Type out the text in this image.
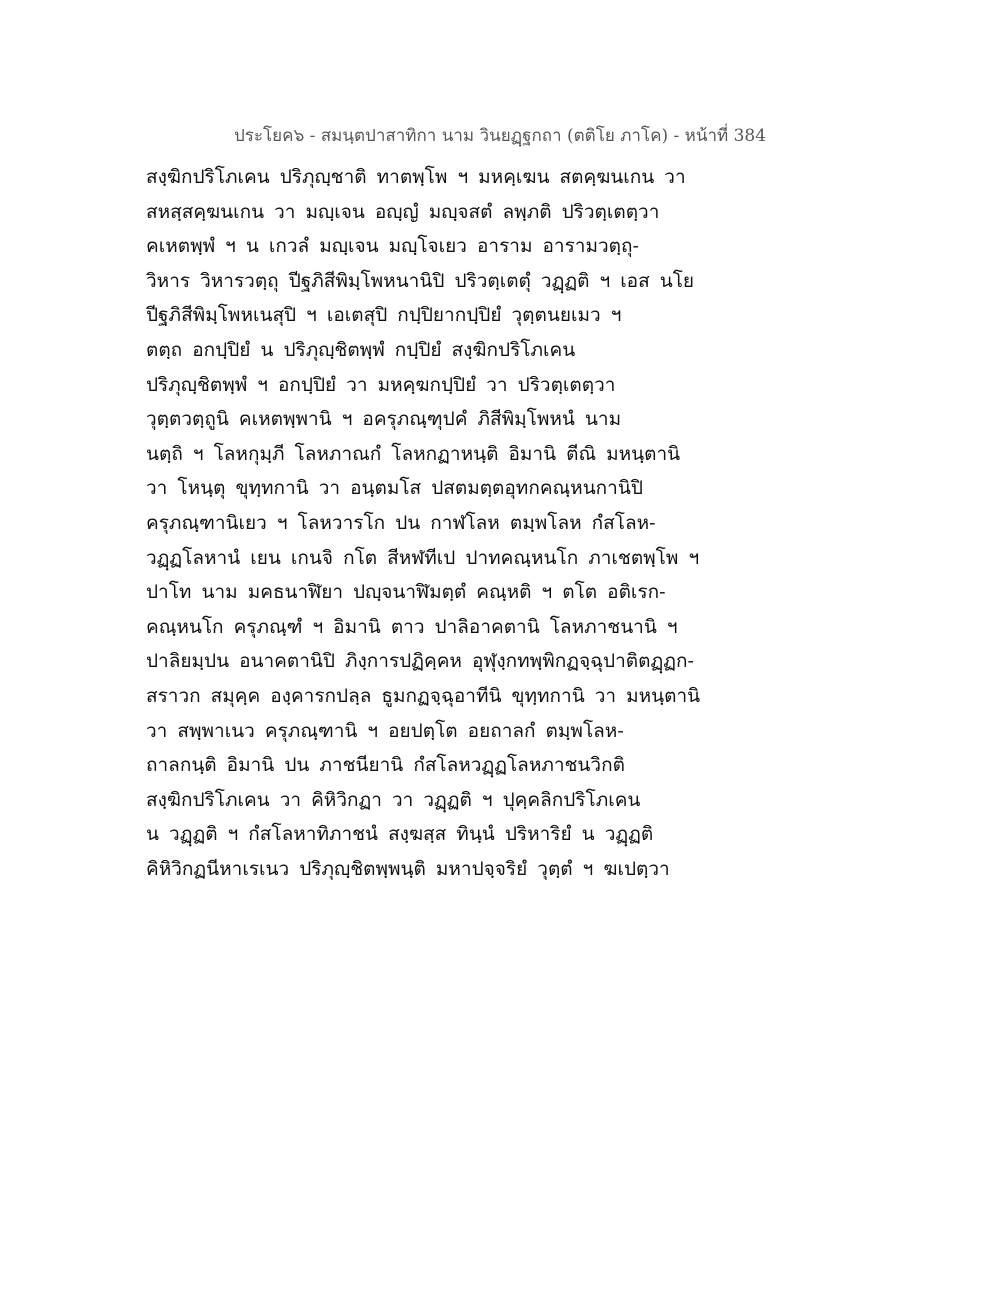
ประโยค๖ - สมนฺตปาสาทิกา นาม วินยฏฺฐกถา (ตติโย ภาโค) - หน้าที่ 384
สงฺฆิกปริโภเคน ปริภุญฺชาติ ทาตพฺโพ ฯ มหคฺเฆน สตคฺฆนเกน วา
สหสฺสคฺฆนเกน วา มญฺเจน อญฺญํ มญฺจสตํ ลพฺภติ ปริวตฺเตตฺวา
คเหตพฺพํ ฯ น เกวลํ มญฺเจน มญฺโจเยว อาราม อารามวตฺถุ-
วิหาร วิหารวตฺถุ ปีฐภิสีพิมฺโพหนานิปิ ปริวตฺเตตุํ วฏฺฏติ ฯ เอส นโย
ปีฐภิสีพิมฺโพหเนสุปิ ฯ เอเตสุปิ กปฺปิยากปฺปิยํ วุตฺตนยเมว ฯ
ตตฺถ อกปฺปิยํ น ปริภุญฺชิตพฺพํ กปฺปิยํ สงฺฆิกปริโภเคน
ปริภุญฺชิตพฺพํ ฯ อกปฺปิยํ วา มหคฺฆกปฺปิยํ วา ปริวตฺเตตฺวา
วุตฺตวตฺถูนิ คเหตพฺพานิ ฯ อครุภณฺฑุปคํ ภิสีพิมฺโพหนํ นาม
นตฺถิ ฯ โลหกุมฺภี โลหภาณกํ โลหกฏาหนฺติ อิมานิ ตีณิ มหนฺตานิ
วา โหนฺตุ ขุทฺทกานิ วา อนฺตมโส ปสตมตฺตอุทกคณฺหนกานิปิ
ครุภณฺฑานิเยว ฯ โลหวารโก ปน กาฬโลห ตมฺพโลห กํสโลห-
วฏฺฏโลหานํ เยน เกนจิ กโต สีหฬทีเป ปาทคณฺหนโก ภาเชตพฺโพ ฯ
ปาโท นาม มคธนาฬิยา ปญฺจนาฬิมตฺตํ คณฺหติ ฯ ตโต อติเรก-
คณฺหนโก ครุภณฺฑํ ฯ อิมานิ ตาว ปาลิอาคตานิ โลหภาชนานิ ฯ
ปาลิยมฺปน อนาคตานิปิ ภิงฺการปฏิคฺคห อุฬุงฺกทพฺพิกฏจฺฉุปาติตฏฺฏก-
สราวก สมุคฺค องฺคารกปลฺล ธูมกฏจฺฉุอาทีนิ ขุทฺทกานิ วา มหนฺตานิ
วา สพฺพาเนว ครุภณฺฑานิ ฯ อยปตฺโต อยถาลกํ ตมฺพโลห-
ถาลกนฺติ อิมานิ ปน ภาชนียานิ กํสโลหวฏฺฏโลหภาชนวิกติ
สงฺฆิกปริโภเคน วา คิหิวิกฏา วา วฏฺฏติ ฯ ปุคฺคลิกปริโภเคน
น วฏฺฏติ ฯ กํสโลหาทิภาชนํ สงฺฆสฺส ทินฺนํ ปริหาริยํ น วฏฺฏติ
คิหิวิกฏนีหาเรเนว ปริภุญฺชิตพฺพนฺติ มหาปจฺจริยํ วุตฺตํ ฯ ฆเปตฺวา
